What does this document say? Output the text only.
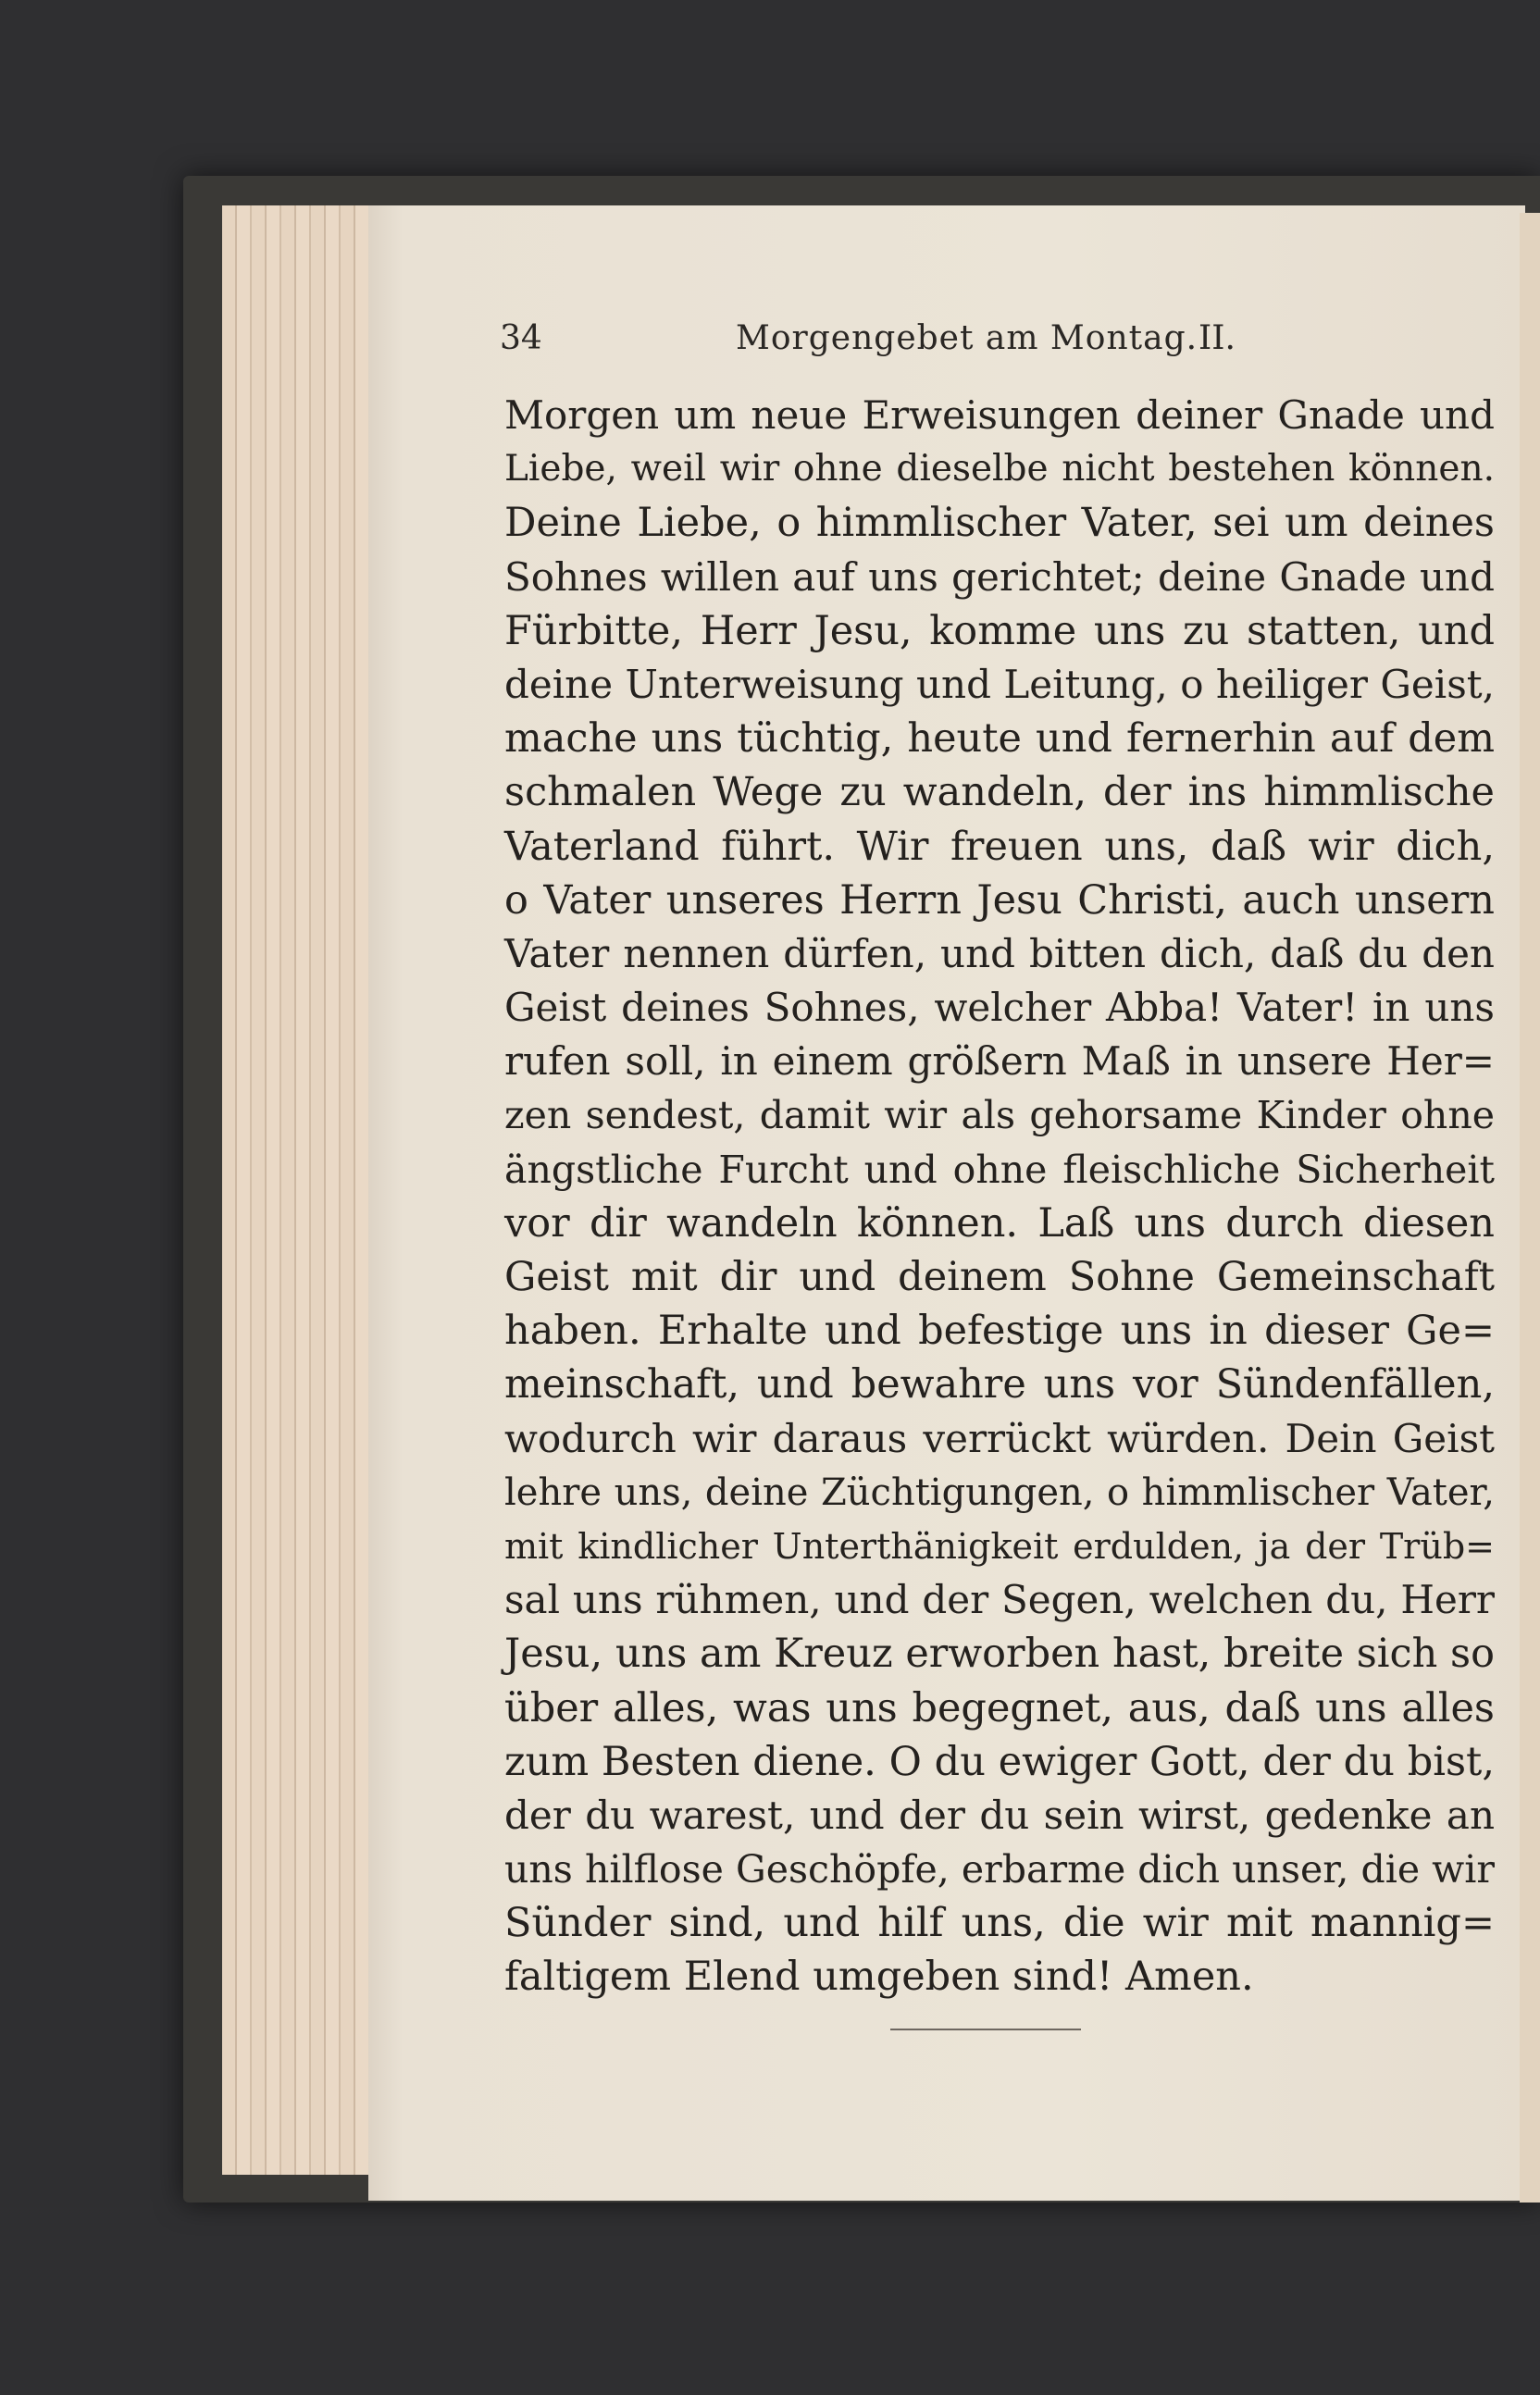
34	Morgengebet am Montag. II.
Morgen um neue Erweisungen deiner Gnade und
Liebe, weil wir ohne dieselbe nicht bestehen können.
Deine Liebe, o himmlischer Vater, sei um deines
Sohnes willen auf uns gerichtet; deine Gnade und
Fürbitte, Herr Jesu, komme uns zu statten, und
deine Unterweisung und Leitung, o heiliger Geist,
mache uns tüchtig, heute und fernerhin auf dem
schmalen Wege zu wandeln, der ins himmlische
Vaterland führt. Wir freuen uns, daß wir dich,
o Vater unseres Herrn Jesu Christi, auch unsern
Vater nennen dürfen, und bitten dich, daß du den
Geist deines Sohnes, welcher Abba! Vater! in uns
rufen soll, in einem größern Maß in unsere Her=
zen sendest, damit wir als gehorsame Kinder ohne
ängstliche Furcht und ohne fleischliche Sicherheit
vor dir wandeln können. Laß uns durch diesen
Geist mit dir und deinem Sohne Gemeinschaft
haben. Erhalte und befestige uns in dieser Ge=
meinschaft, und bewahre uns vor Sündenfällen,
wodurch wir daraus verrückt würden. Dein Geist
lehre uns, deine Züchtigungen, o himmlischer Vater,
mit kindlicher Unterthänigkeit erdulden, ja der Trüb=
sal uns rühmen, und der Segen, welchen du, Herr
Jesu, uns am Kreuz erworben hast, breite sich so
über alles, was uns begegnet, aus, daß uns alles
zum Besten diene. O du ewiger Gott, der du bist,
der du warest, und der du sein wirst, gedenke an
uns hilflose Geschöpfe, erbarme dich unser, die wir
Sünder sind, und hilf uns, die wir mit mannig=
faltigem Elend umgeben sind! Amen.
